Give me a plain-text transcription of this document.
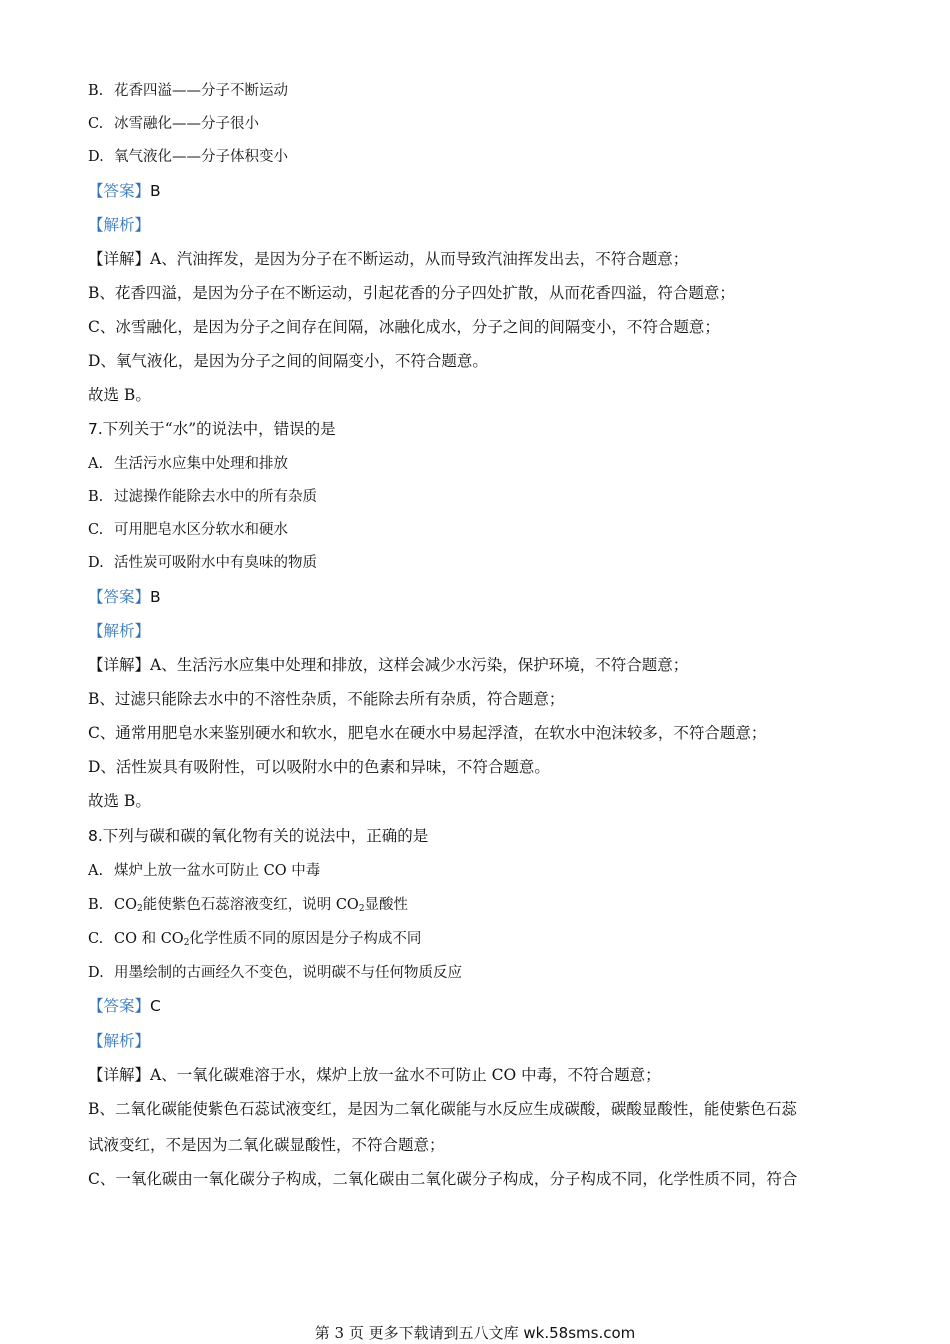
B. 花香四溢——分子不断运动
C. 冰雪融化——分子很小
D. 氧气液化——分子体积变小
【答案】B
【解析】
【详解】A、汽油挥发，是因为分子在不断运动，从而导致汽油挥发出去，不符合题意；
B、花香四溢，是因为分子在不断运动，引起花香的分子四处扩散，从而花香四溢，符合题意；
C、冰雪融化，是因为分子之间存在间隔，冰融化成水，分子之间的间隔变小，不符合题意；
D、氧气液化，是因为分子之间的间隔变小，不符合题意。
故选 B。
7.下列关于“水”的说法中，错误的是
A. 生活污水应集中处理和排放
B. 过滤操作能除去水中的所有杂质
C. 可用肥皂水区分软水和硬水
D. 活性炭可吸附水中有臭味的物质
【答案】B
【解析】
【详解】A、生活污水应集中处理和排放，这样会减少水污染，保护环境，不符合题意；
B、过滤只能除去水中的不溶性杂质，不能除去所有杂质，符合题意；
C、通常用肥皂水来鉴别硬水和软水，肥皂水在硬水中易起浮渣，在软水中泡沫较多，不符合题意；
D、活性炭具有吸附性，可以吸附水中的色素和异味，不符合题意。
故选 B。
8.下列与碳和碳的氧化物有关的说法中，正确的是
A. 煤炉上放一盆水可防止 CO 中毒
B. $CO_2$能使紫色石蕊溶液变红，说明 $CO_2$显酸性
C. CO 和 $CO_2$化学性质不同的原因是分子构成不同
D. 用墨绘制的古画经久不变色，说明碳不与任何物质反应
【答案】C
【解析】
【详解】A、一氧化碳难溶于水，煤炉上放一盆水不可防止 CO 中毒，不符合题意；
B、二氧化碳能使紫色石蕊试液变红，是因为二氧化碳能与水反应生成碳酸，碳酸显酸性，能使紫色石蕊
试液变红，不是因为二氧化碳显酸性，不符合题意；
C、一氧化碳由一氧化碳分子构成，二氧化碳由二氧化碳分子构成，分子构成不同，化学性质不同，符合
第 3 页 更多下载请到五八文库 wk.58sms.com
